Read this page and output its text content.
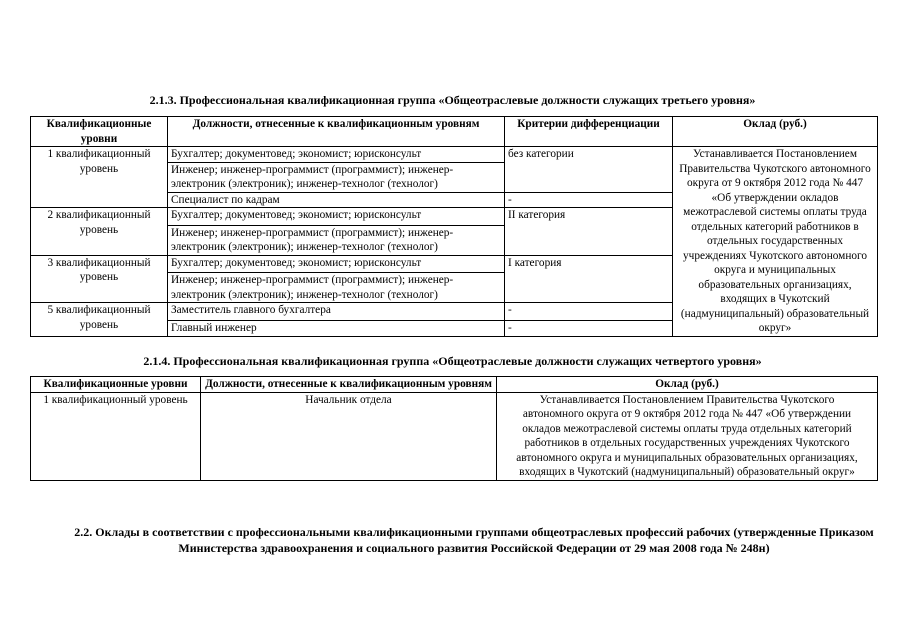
2.1.3. Профессиональная квалификационная группа «Общеотраслевые должности служащих третьего уровня»
Квалификационные уровни	Должности, отнесенные к квалификационным уровням	Критерии дифференциации	Оклад (руб.)
1 квалификационный уровень	Бухгалтер; документовед; экономист; юрисконсульт	без категории	Устанавливается Постановлением Правительства Чукотского автономного округа от 9 октября 2012 года № 447 «Об утверждении окладов межотраслевой системы оплаты труда отдельных категорий работников в отдельных государственных учреждениях Чукотского автономного округа и муниципальных образовательных организациях, входящих в Чукотский (надмуниципальный) образовательный округ»
	Инженер; инженер-программист (программист); инженер-электроник (электроник); инженер-технолог (технолог)		
	Специалист по кадрам	-	
2 квалификационный уровень	Бухгалтер; документовед; экономист; юрисконсульт	II категория	
	Инженер; инженер-программист (программист); инженер-электроник (электроник); инженер-технолог (технолог)		
3 квалификационный уровень	Бухгалтер; документовед; экономист; юрисконсульт	I категория	
	Инженер; инженер-программист (программист); инженер-электроник (электроник); инженер-технолог (технолог)		
5 квалификационный уровень	Заместитель главного бухгалтера	-	
	Главный инженер	-	
2.1.4. Профессиональная квалификационная группа «Общеотраслевые должности служащих четвертого уровня»
Квалификационные уровни	Должности, отнесенные к квалификационным уровням	Оклад (руб.)
1 квалификационный уровень	Начальник отдела	Устанавливается Постановлением Правительства Чукотского автономного округа от 9 октября 2012 года № 447 «Об утверждении окладов межотраслевой системы оплаты труда отдельных категорий работников в отдельных государственных учреждениях Чукотского автономного округа и муниципальных образовательных организациях, входящих в Чукотский (надмуниципальный) образовательный округ»
2.2. Оклады в соответствии с профессиональными квалификационными группами общеотраслевых профессий рабочих (утвержденные Приказом Министерства здравоохранения и социального развития Российской Федерации от 29 мая 2008 года № 248н)
